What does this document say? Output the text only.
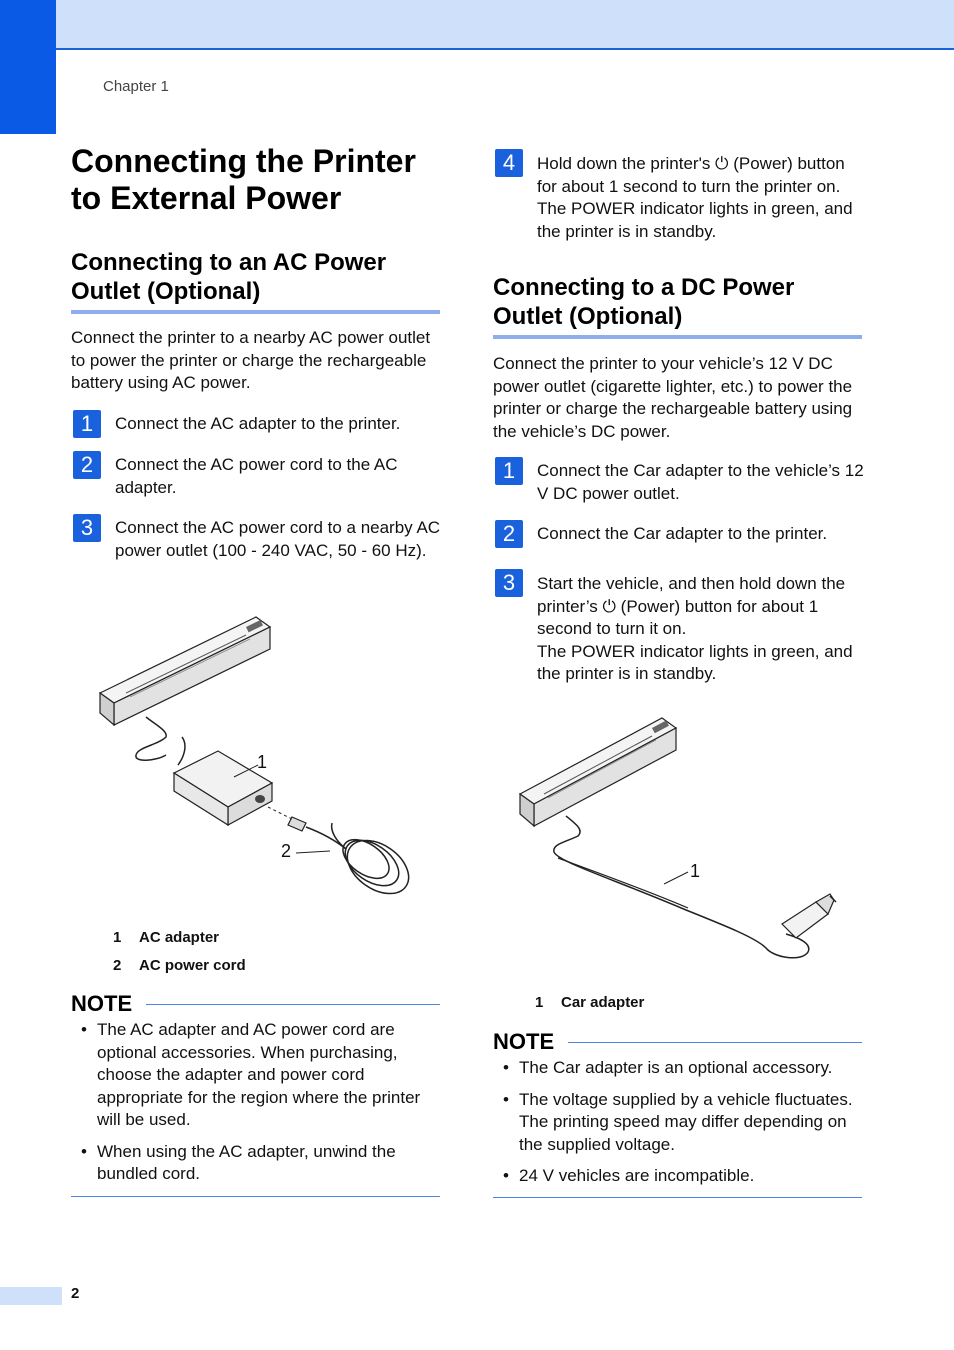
Chapter 1
Connecting the Printer to External Power
Connecting to an AC Power Outlet (Optional)

Connect the printer to a nearby AC power outlet to power the printer or charge the rechargeable battery using AC power.

1	Connect the AC adapter to the printer.
2	Connect the AC power cord to the AC adapter.
3	Connect the AC power cord to a nearby AC power outlet (100 - 240 VAC, 50 - 60 Hz).
1
2
1 AC adapter
2 AC power cord
NOTE
• The AC adapter and AC power cord are optional accessories. When purchasing, choose the adapter and power cord appropriate for the region where the printer will be used.
• When using the AC adapter, unwind the bundled cord.
4	Hold down the printer's ⏻ (Power) button for about 1 second to turn the printer on. The POWER indicator lights in green, and the printer is in standby.
Connecting to a DC Power Outlet (Optional)

Connect the printer to your vehicle’s 12 V DC power outlet (cigarette lighter, etc.) to power the printer or charge the rechargeable battery using the vehicle’s DC power.

1	Connect the Car adapter to the vehicle’s 12 V DC power outlet.
2	Connect the Car adapter to the printer.
3	Start the vehicle, and then hold down the printer’s ⏻ (Power) button for about 1 second to turn it on.
The POWER indicator lights in green, and the printer is in standby.
1
1 Car adapter
NOTE
• The Car adapter is an optional accessory.
• The voltage supplied by a vehicle fluctuates. The printing speed may differ depending on the supplied voltage.
• 24 V vehicles are incompatible.
2
